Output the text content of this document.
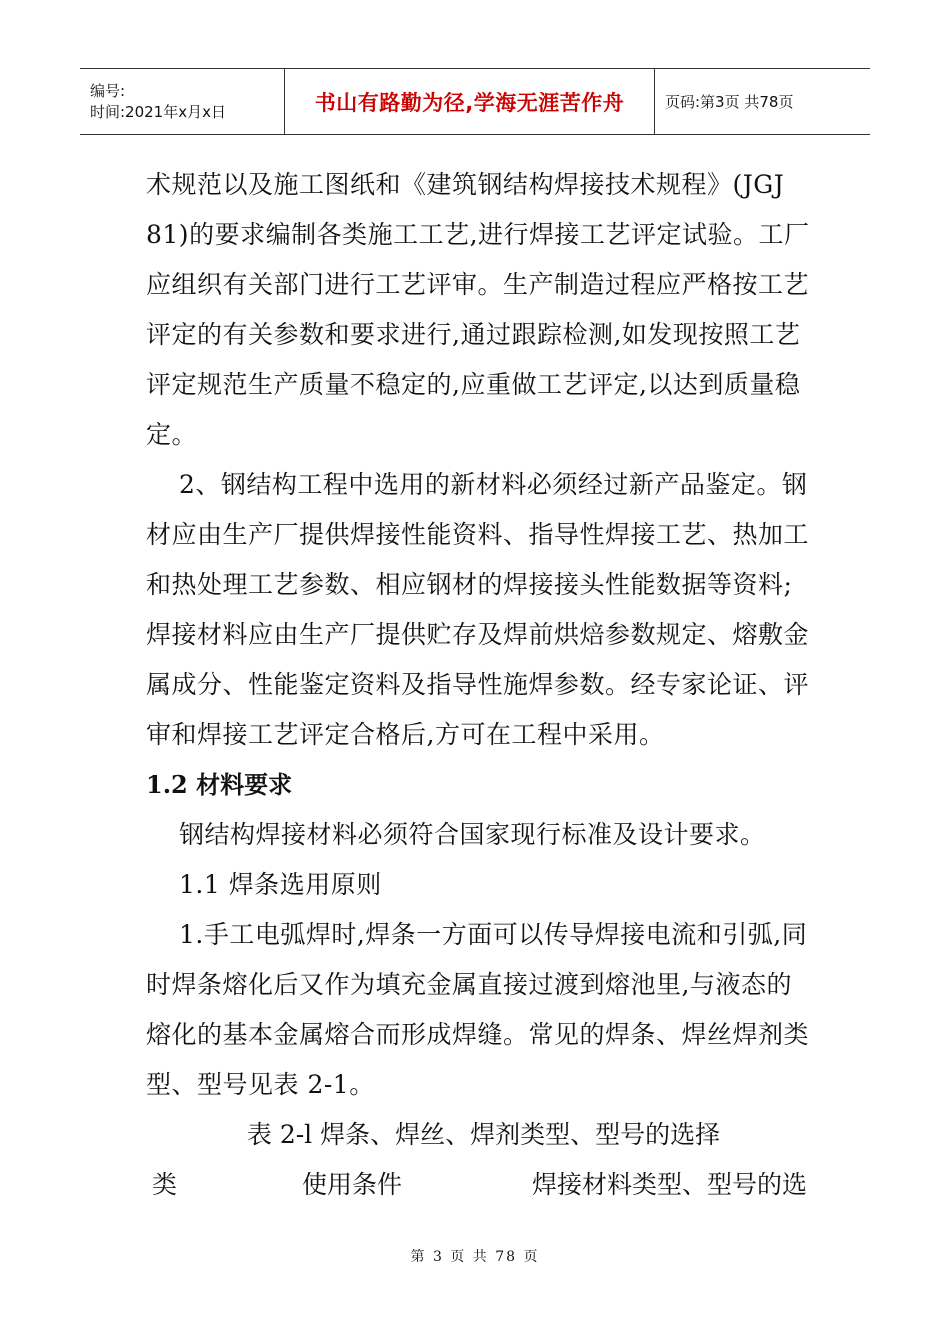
编号:
时间:2021年x月x日	书山有路勤为径,学海无涯苦作舟	页码:第3页 共78页

术规范以及施工图纸和《建筑钢结构焊接技术规程》(JGJ 81)的要求编制各类施工工艺,进行焊接工艺评定试验。工厂应组织有关部门进行工艺评审。生产制造过程应严格按工艺评定的有关参数和要求进行,通过跟踪检测,如发现按照工艺评定规范生产质量不稳定的,应重做工艺评定,以达到质量稳定。

2、钢结构工程中选用的新材料必须经过新产品鉴定。钢材应由生产厂提供焊接性能资料、指导性焊接工艺、热加工和热处理工艺参数、相应钢材的焊接接头性能数据等资料;焊接材料应由生产厂提供贮存及焊前烘焙参数规定、熔敷金属成分、性能鉴定资料及指导性施焊参数。经专家论证、评审和焊接工艺评定合格后,方可在工程中采用。

1.2 材料要求

钢结构焊接材料必须符合国家现行标准及设计要求。

1.1 焊条选用原则

1.手工电弧焊时,焊条一方面可以传导焊接电流和引弧,同时焊条熔化后又作为填充金属直接过渡到熔池里,与液态的熔化的基本金属熔合而形成焊缝。常见的焊条、焊丝焊剂类型、型号见表 2-1。

表 2-l 焊条、焊丝、焊剂类型、型号的选择

类	使用条件	焊接材料类型、型号的选
第 3 页 共 78 页
